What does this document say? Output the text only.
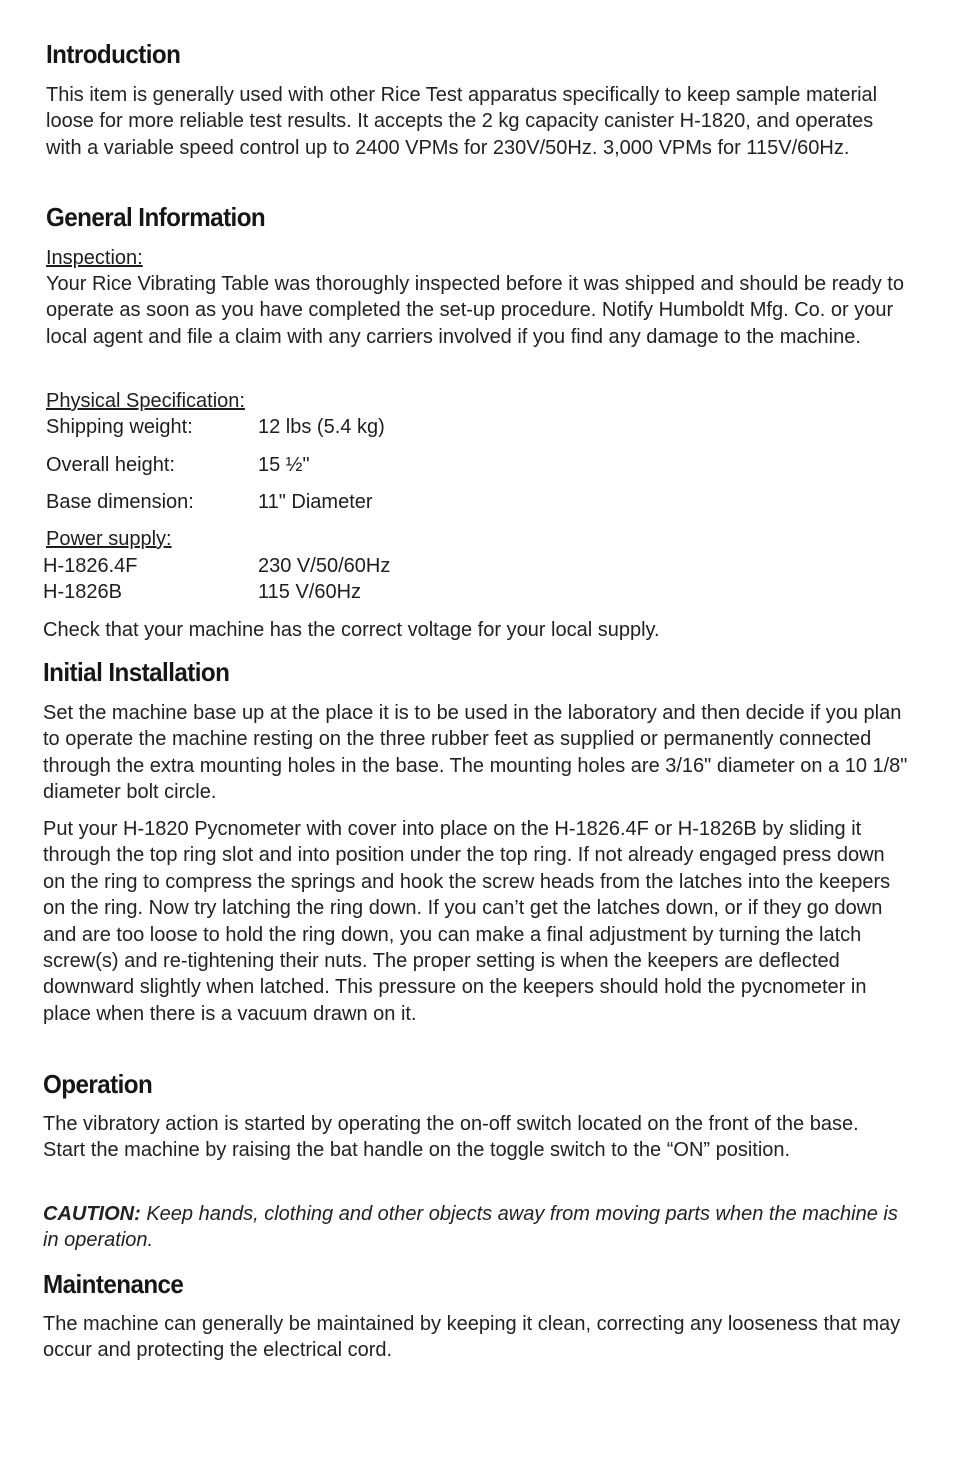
Introduction

This item is generally used with other Rice Test apparatus specifically to keep sample material loose for more reliable test results. It accepts the 2 kg capacity canister H-1820, and operates with a variable speed control up to 2400 VPMs for 230V/50Hz. 3,000 VPMs for 115V/60Hz.

General Information
Inspection:

Your Rice Vibrating Table was thoroughly inspected before it was shipped and should be ready to operate as soon as you have completed the set-up procedure. Notify Humboldt Mfg. Co. or your local agent and file a claim with any carriers involved if you find any damage to the machine.

Physical Specification:
Shipping weight:	12 lbs (5.4 kg)
Overall height:	15 ½"
Base dimension:	11" Diameter
Power supply:
H-1826.4F	230 V/50/60Hz
H-1826B	115 V/60Hz

Check that your machine has the correct voltage for your local supply.

Initial Installation

Set the machine base up at the place it is to be used in the laboratory and then decide if you plan to operate the machine resting on the three rubber feet as supplied or permanently connected through the extra mounting holes in the base. The mounting holes are 3/16" diameter on a 10 1/8" diameter bolt circle.

Put your H-1820 Pycnometer with cover into place on the H-1826.4F or H-1826B by sliding it through the top ring slot and into position under the top ring. If not already engaged press down on the ring to compress the springs and hook the screw heads from the latches into the keepers on the ring. Now try latching the ring down. If you can’t get the latches down, or if they go down and are too loose to hold the ring down, you can make a final adjustment by turning the latch screw(s) and re-tightening their nuts. The proper setting is when the keepers are deflected downward slightly when latched. This pressure on the keepers should hold the pycnometer in place when there is a vacuum drawn on it.

Operation

The vibratory action is started by operating the on-off switch located on the front of the base. Start the machine by raising the bat handle on the toggle switch to the “ON” position.

CAUTION: Keep hands, clothing and other objects away from moving parts when the machine is in operation.

Maintenance

The machine can generally be maintained by keeping it clean, correcting any looseness that may occur and protecting the electrical cord.
